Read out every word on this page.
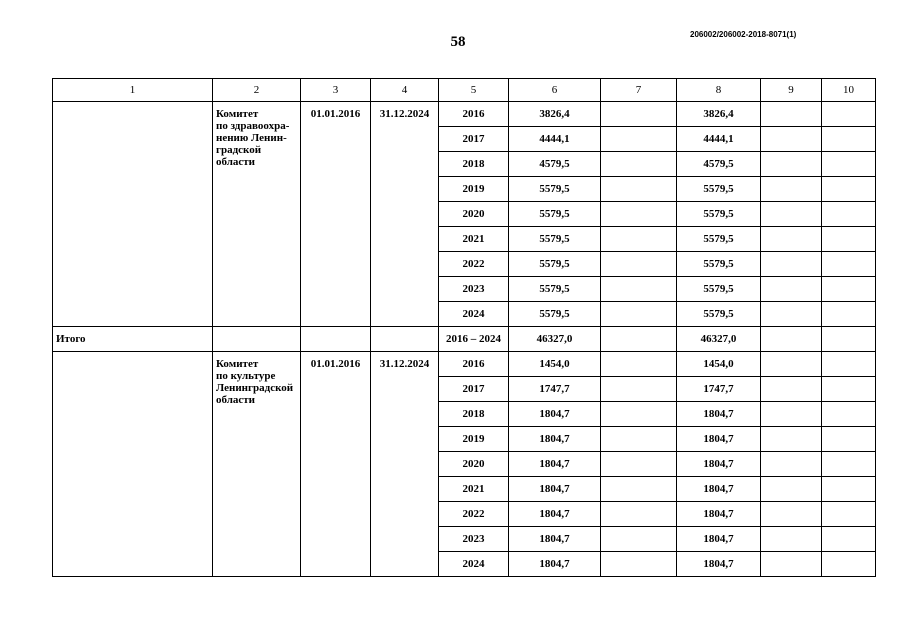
58	206002/206002-2018-8071(1)
1	2	3	4	5	6	7	8	9	10

	Комитет
по здравоохра-
нению Ленин-
градской
области	01.01.2016	31.12.2024	2016	3826,4		3826,4		
				2017	4444,1		4444,1		
				2018	4579,5		4579,5		
				2019	5579,5		5579,5		
				2020	5579,5		5579,5		
				2021	5579,5		5579,5		
				2022	5579,5		5579,5		
				2023	5579,5		5579,5		
				2024	5579,5		5579,5		
Итого				2016 – 2024	46327,0		46327,0		

	Комитет
по культуре
Ленинградской
области	01.01.2016	31.12.2024	2016	1454,0		1454,0		
				2017	1747,7		1747,7		
				2018	1804,7		1804,7		
				2019	1804,7		1804,7		
				2020	1804,7		1804,7		
				2021	1804,7		1804,7		
				2022	1804,7		1804,7		
				2023	1804,7		1804,7		
				2024	1804,7		1804,7		
